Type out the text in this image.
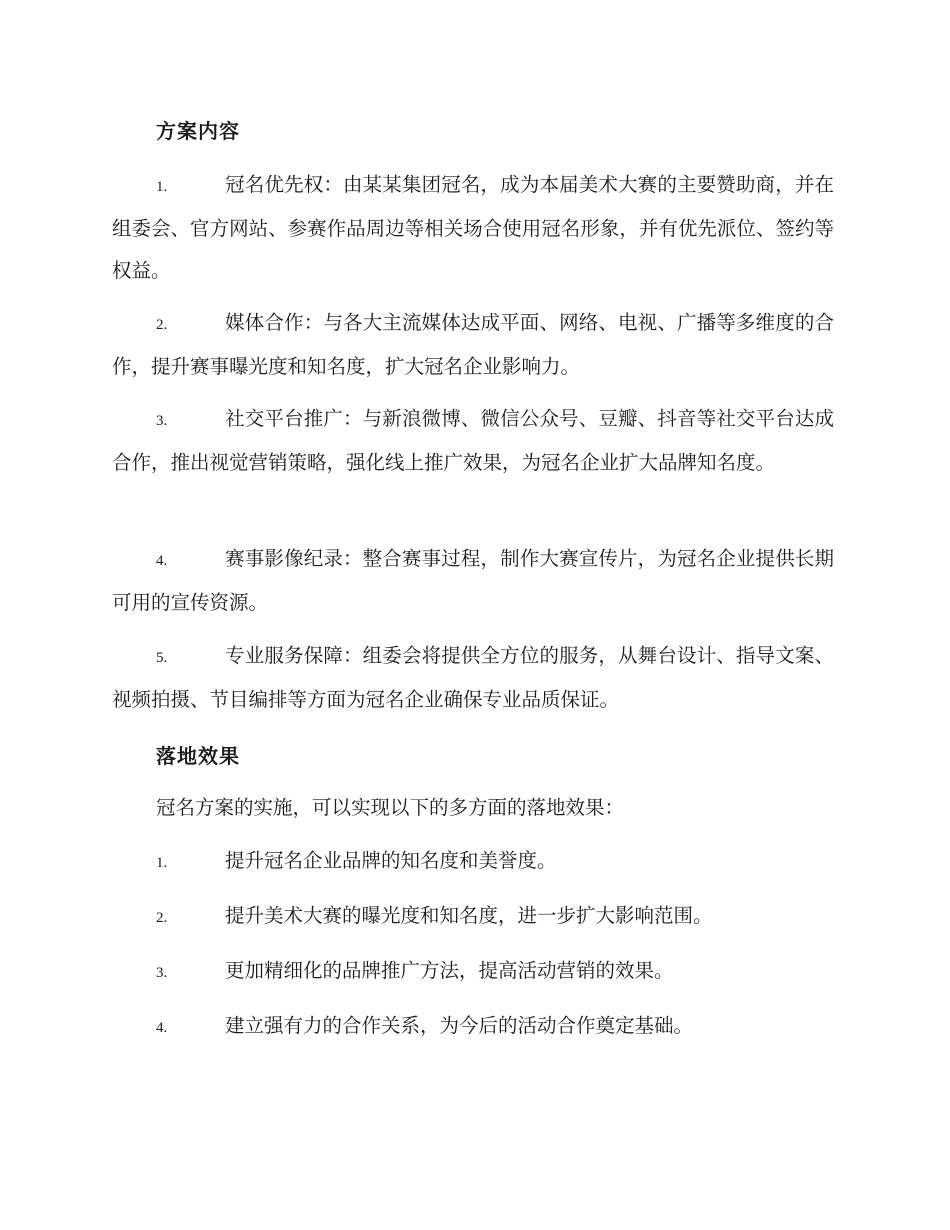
方案内容

1.	冠名优先权：由某某集团冠名，成为本届美术大赛的主要赞助商，并在组委会、官方网站、参赛作品周边等相关场合使用冠名形象，并有优先派位、签约等权益。

2.	媒体合作：与各大主流媒体达成平面、网络、电视、广播等多维度的合作，提升赛事曝光度和知名度，扩大冠名企业影响力。

3.	社交平台推广：与新浪微博、微信公众号、豆瓣、抖音等社交平台达成合作，推出视觉营销策略，强化线上推广效果，为冠名企业扩大品牌知名度。

4.	赛事影像纪录：整合赛事过程，制作大赛宣传片，为冠名企业提供长期可用的宣传资源。

5.	专业服务保障：组委会将提供全方位的服务，从舞台设计、指导文案、视频拍摄、节目编排等方面为冠名企业确保专业品质保证。

落地效果

冠名方案的实施，可以实现以下的多方面的落地效果：

1.	提升冠名企业品牌的知名度和美誉度。

2.	提升美术大赛的曝光度和知名度，进一步扩大影响范围。

3.	更加精细化的品牌推广方法，提高活动营销的效果。

4.	建立强有力的合作关系，为今后的活动合作奠定基础。
